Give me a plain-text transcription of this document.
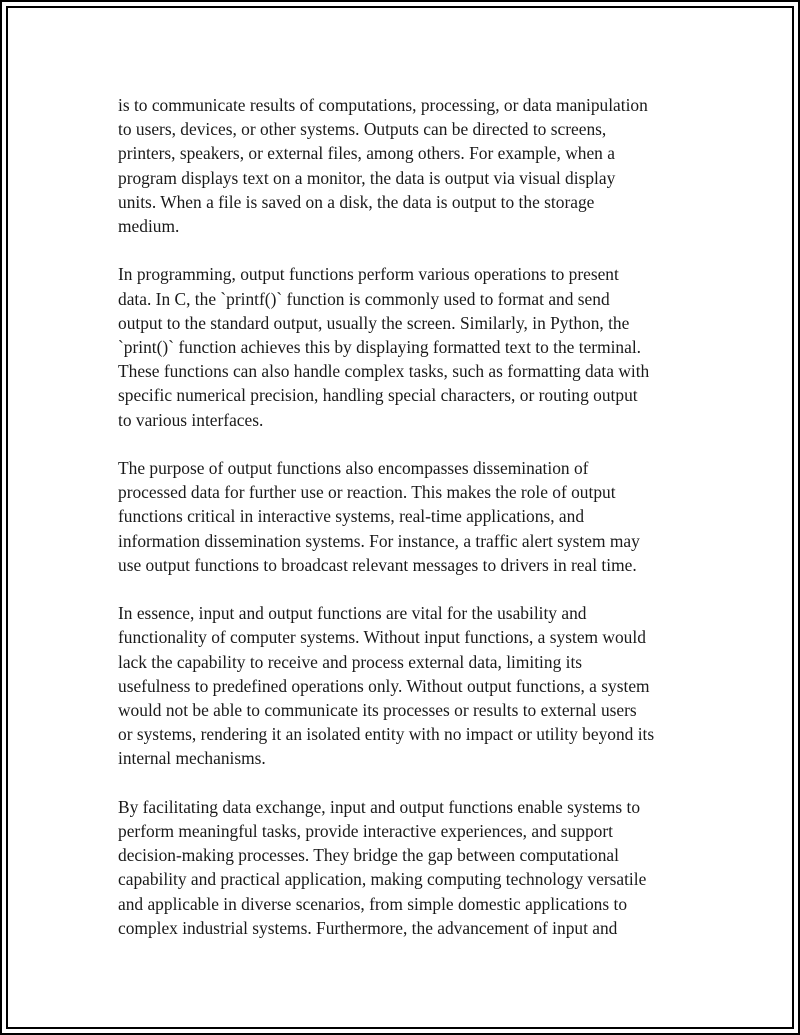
is to communicate results of computations, processing, or data manipulation
to users, devices, or other systems. Outputs can be directed to screens,
printers, speakers, or external files, among others. For example, when a
program displays text on a monitor, the data is output via visual display
units. When a file is saved on a disk, the data is output to the storage
medium.

In programming, output functions perform various operations to present
data. In C, the `printf()` function is commonly used to format and send
output to the standard output, usually the screen. Similarly, in Python, the
`print()` function achieves this by displaying formatted text to the terminal.
These functions can also handle complex tasks, such as formatting data with
specific numerical precision, handling special characters, or routing output
to various interfaces.

The purpose of output functions also encompasses dissemination of
processed data for further use or reaction. This makes the role of output
functions critical in interactive systems, real-time applications, and
information dissemination systems. For instance, a traffic alert system may
use output functions to broadcast relevant messages to drivers in real time.

In essence, input and output functions are vital for the usability and
functionality of computer systems. Without input functions, a system would
lack the capability to receive and process external data, limiting its
usefulness to predefined operations only. Without output functions, a system
would not be able to communicate its processes or results to external users
or systems, rendering it an isolated entity with no impact or utility beyond its
internal mechanisms.

By facilitating data exchange, input and output functions enable systems to
perform meaningful tasks, provide interactive experiences, and support
decision-making processes. They bridge the gap between computational
capability and practical application, making computing technology versatile
and applicable in diverse scenarios, from simple domestic applications to
complex industrial systems. Furthermore, the advancement of input and
